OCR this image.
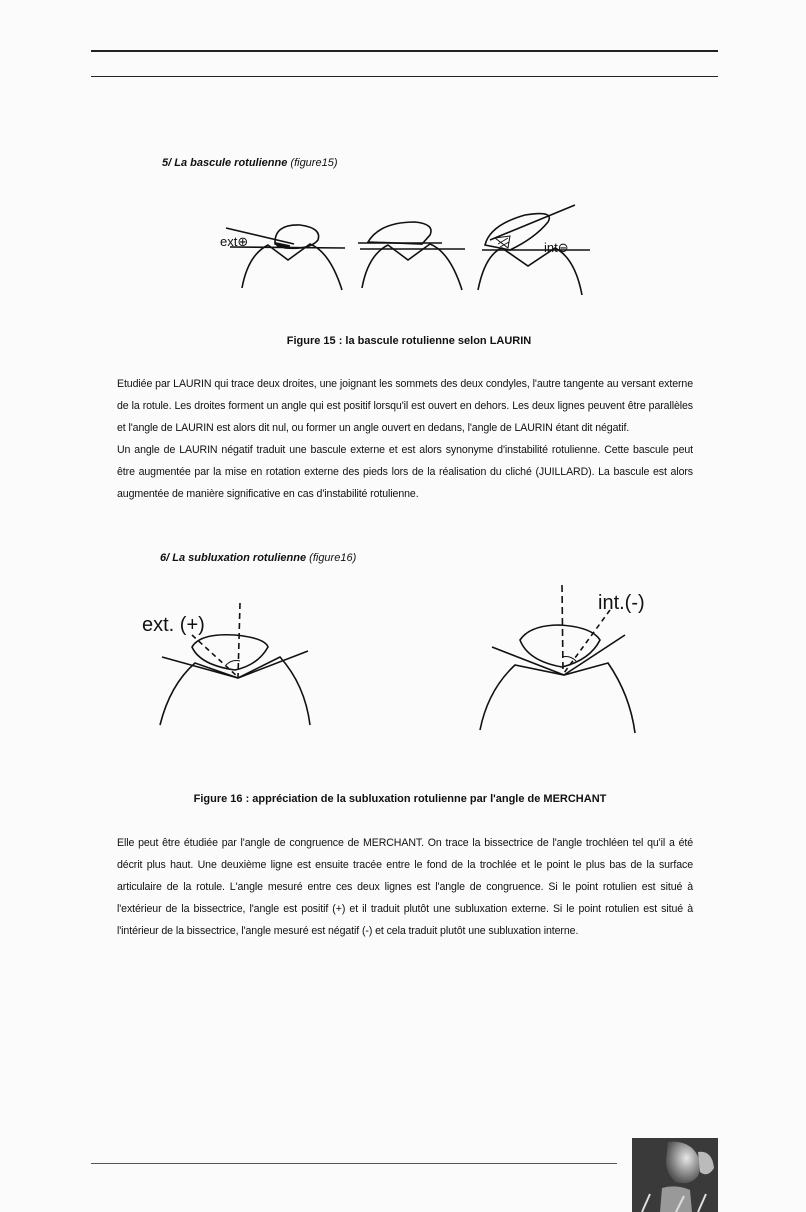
5/ La bascule rotulienne (figure15)
ext⊕	int⊖
Figure 15 : la bascule rotulienne selon LAURIN

Etudiée par LAURIN qui trace deux droites, une joignant les sommets des deux condyles, l'autre tangente au versant externe de la rotule. Les droites forment un angle qui est positif lorsqu'il est ouvert en dehors. Les deux lignes peuvent être parallèles et l'angle de LAURIN est alors dit nul, ou former un angle ouvert en dedans, l'angle de LAURIN étant dit négatif.

Un angle de LAURIN négatif traduit une bascule externe et est alors synonyme d'instabilité rotulienne. Cette bascule peut être augmentée par la mise en rotation externe des pieds lors de la réalisation du cliché (JUILLARD). La bascule est alors augmentée de manière significative en cas d'instabilité rotulienne.

6/ La subluxation rotulienne (figure16)
ext. (+)
int.(-)
Figure 16 : appréciation de la subluxation rotulienne par l'angle de MERCHANT

Elle peut être étudiée par l'angle de congruence de MERCHANT. On trace la bissectrice de l'angle trochléen tel qu'il a été décrit plus haut. Une deuxième ligne est ensuite tracée entre le fond de la trochlée et le point le plus bas de la surface articulaire de la rotule. L'angle mesuré entre ces deux lignes est l'angle de congruence. Si le point rotulien est situé à l'extérieur de la bissectrice, l'angle est positif (+) et il traduit plutôt une subluxation externe. Si le point rotulien est situé à l'intérieur de la bissectrice, l'angle mesuré est négatif (-) et cela traduit plutôt une subluxation interne.
